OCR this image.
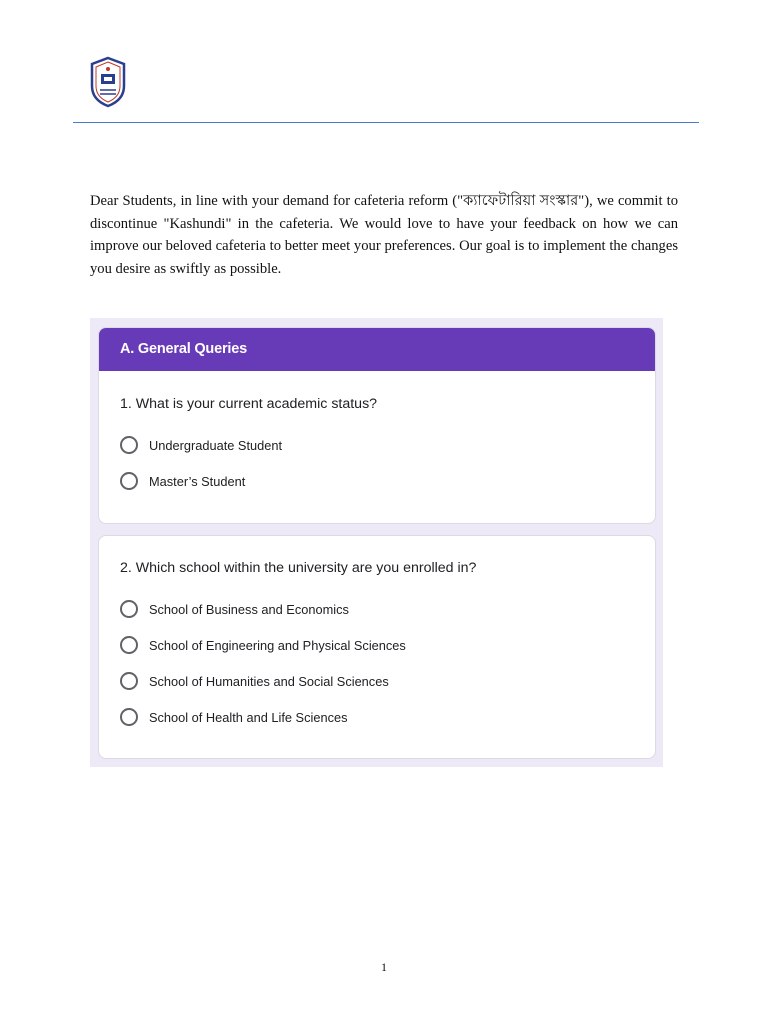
Dear Students, in line with your demand for cafeteria reform ("ক্যাফেটারিয়া সংস্কার"), we commit to discontinue "Kashundi" in the cafeteria. We would love to have your feedback on how we can improve our beloved cafeteria to better meet your preferences. Our goal is to implement the changes you desire as swiftly as possible.

A. General Queries
1. What is your current academic status?
Undergraduate Student
Master’s Student
2. Which school within the university are you enrolled in?
School of Business and Economics
School of Engineering and Physical Sciences
School of Humanities and Social Sciences
School of Health and Life Sciences
1
